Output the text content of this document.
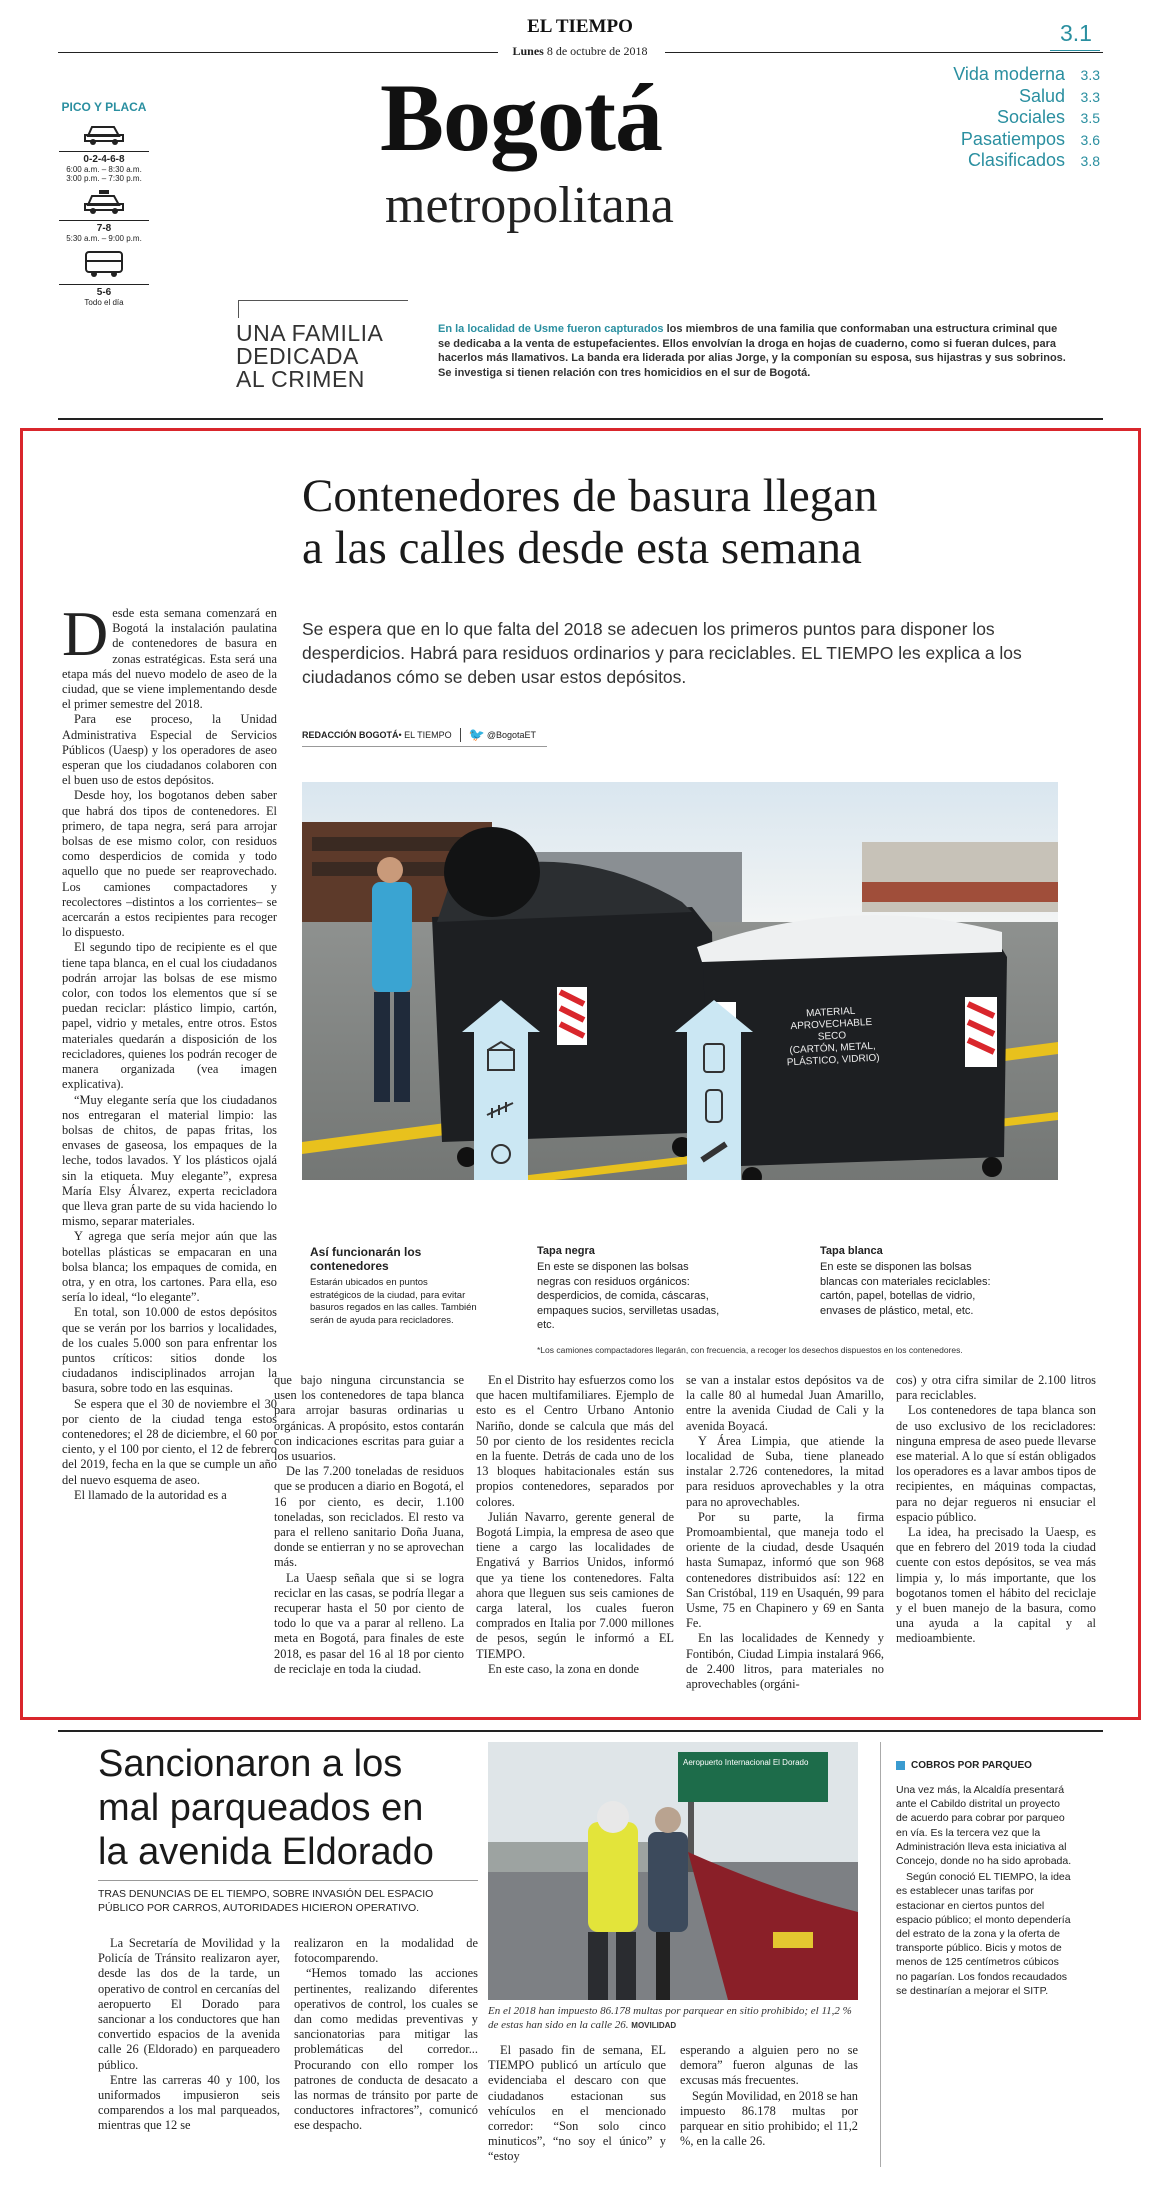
EL TIEMPO
Lunes 8 de octubre de 2018
3.1
Bogotá
metropolitana
Vida moderna 3.3
Salud 3.3
Sociales 3.5
Pasatiempos 3.6
Clasificados 3.8
PICO Y PLACA
0-2-4-6-8
6:00 a.m. – 8:30 a.m.
3:00 p.m. – 7:30 p.m.
7-8
5:30 a.m. – 9:00 p.m.
5-6
Todo el día
UNA FAMILIA
DEDICADA
AL CRIMEN
En la localidad de Usme fueron capturados los miembros de una familia que conformaban una estructura criminal que se dedicaba a la venta de estupefacientes. Ellos envolvían la droga en hojas de cuaderno, como si fueran dulces, para hacerlos más llamativos. La banda era liderada por alias Jorge, y la componían su esposa, sus hijastras y sus sobrinos. Se investiga si tienen relación con tres homicidios en el sur de Bogotá.
Contenedores de basura llegan
a las calles desde esta semana
Se espera que en lo que falta del 2018 se adecuen los primeros puntos para disponer los desperdicios. Habrá para residuos ordinarios y para reciclables. EL TIEMPO les explica a los ciudadanos cómo se deben usar estos depósitos.
REDACCIÓN BOGOTÁ • EL TIEMPO 🐦 @BogotaET
D esde esta semana comenzará en Bogotá la instalación paulatina de contenedores de basura en zonas estratégicas. Esta será una etapa más del nuevo modelo de aseo de la ciudad, que se viene implementando desde el primer semestre del 2018.

Para ese proceso, la Unidad Administrativa Especial de Servicios Públicos (Uaesp) y los operadores de aseo esperan que los ciudadanos colaboren con el buen uso de estos depósitos.

Desde hoy, los bogotanos deben saber que habrá dos tipos de contenedores. El primero, de tapa negra, será para arrojar bolsas de ese mismo color, con residuos como desperdicios de comida y todo aquello que no puede ser reaprovechado. Los camiones compactadores y recolectores –distintos a los corrientes– se acercarán a estos recipientes para recoger lo dispuesto.

El segundo tipo de recipiente es el que tiene tapa blanca, en el cual los ciudadanos podrán arrojar las bolsas de ese mismo color, con todos los elementos que sí se puedan reciclar: plástico limpio, cartón, papel, vidrio y metales, entre otros. Estos materiales quedarán a disposición de los recicladores, quienes los podrán recoger de manera organizada (vea imagen explicativa).

“Muy elegante sería que los ciudadanos nos entregaran el material limpio: las bolsas de chitos, de papas fritas, los envases de gaseosa, los empaques de la leche, todos lavados. Y los plásticos ojalá sin la etiqueta. Muy elegante”, expresa María Elsy Álvarez, experta recicladora que lleva gran parte de su vida haciendo lo mismo, separar materiales.

Y agrega que sería mejor aún que las botellas plásticas se empacaran en una bolsa blanca; los empaques de comida, en otra, y en otra, los cartones. Para ella, eso sería lo ideal, “lo elegante”.

En total, son 10.000 de estos depósitos que se verán por los barrios y localidades, de los cuales 5.000 son para enfrentar los puntos críticos: sitios donde los ciudadanos indisciplinados arrojan la basura, sobre todo en las esquinas.

Se espera que el 30 de noviembre el 30 por ciento de la ciudad tenga estos contenedores; el 28 de diciembre, el 60 por ciento, y el 100 por ciento, el 12 de febrero del 2019, fecha en la que se cumple un año del nuevo esquema de aseo.

El llamado de la autoridad es a

MATERIAL
APROVECHABLE
SECO
(CARTÓN, METAL,
PLÁSTICO, VIDRIO)
Así funcionarán los contenedores
Estarán ubicados en puntos estratégicos de la ciudad, para evitar basuros regados en las calles. También serán de ayuda para recicladores.
Tapa negra
En este se disponen las bolsas negras con residuos orgánicos: desperdicios, de comida, cáscaras, empaques sucios, servilletas usadas, etc.
Tapa blanca
En este se disponen las bolsas blancas con materiales reciclables: cartón, papel, botellas de vidrio, envases de plástico, metal, etc.
*Los camiones compactadores llegarán, con frecuencia, a recoger los desechos dispuestos en los contenedores.

que bajo ninguna circunstancia se usen los contenedores de tapa blanca para arrojar basuras ordinarias u orgánicas. A propósito, estos contarán con indicaciones escritas para guiar a los usuarios.

De las 7.200 toneladas de residuos que se producen a diario en Bogotá, el 16 por ciento, es decir, 1.100 toneladas, son reciclados. El resto va para el relleno sanitario Doña Juana, donde se entierran y no se aprovechan más.

La Uaesp señala que si se logra reciclar en las casas, se podría llegar a recuperar hasta el 50 por ciento de todo lo que va a parar al relleno. La meta en Bogotá, para finales de este 2018, es pasar del 16 al 18 por ciento de reciclaje en toda la ciudad.

En el Distrito hay esfuerzos como los que hacen multifamiliares. Ejemplo de esto es el Centro Urbano Antonio Nariño, donde se calcula que más del 50 por ciento de los residentes recicla en la fuente. Detrás de cada uno de los 13 bloques habitacionales están sus propios contenedores, separados por colores.

Julián Navarro, gerente general de Bogotá Limpia, la empresa de aseo que tiene a cargo las localidades de Engativá y Barrios Unidos, informó que ya tiene los contenedores. Falta ahora que lleguen sus seis camiones de carga lateral, los cuales fueron comprados en Italia por 7.000 millones de pesos, según le informó a EL TIEMPO.

En este caso, la zona en donde

se van a instalar estos depósitos va de la calle 80 al humedal Juan Amarillo, entre la avenida Ciudad de Cali y la avenida Boyacá.

Y Área Limpia, que atiende la localidad de Suba, tiene planeado instalar 2.726 contenedores, la mitad para residuos aprovechables y la otra para no aprovechables.

Por su parte, la firma Promoambiental, que maneja todo el oriente de la ciudad, desde Usaquén hasta Sumapaz, informó que son 968 contenedores distribuidos así: 122 en San Cristóbal, 119 en Usaquén, 99 para Usme, 75 en Chapinero y 69 en Santa Fe.

En las localidades de Kennedy y Fontibón, Ciudad Limpia instalará 966, de 2.400 litros, para materiales no aprovechables (orgáni-

cos) y otra cifra similar de 2.100 litros para reciclables.

Los contenedores de tapa blanca son de uso exclusivo de los recicladores: ninguna empresa de aseo puede llevarse ese material. A lo que sí están obligados los operadores es a lavar ambos tipos de recipientes, en máquinas compactas, para no dejar regueros ni ensuciar el espacio público.

La idea, ha precisado la Uaesp, es que en febrero del 2019 toda la ciudad cuente con estos depósitos, se vea más limpia y, lo más importante, que los bogotanos tomen el hábito del reciclaje y el buen manejo de la basura, como una ayuda a la capital y al medioambiente.

Sancionaron a los
mal parqueados en
la avenida Eldorado
TRAS DENUNCIAS DE EL TIEMPO, SOBRE INVASIÓN DEL ESPACIO PÚBLICO POR CARROS, AUTORIDADES HICIERON OPERATIVO.

La Secretaría de Movilidad y la Policía de Tránsito realizaron ayer, desde las dos de la tarde, un operativo de control en cercanías del aeropuerto El Dorado para sancionar a los conductores que han convertido espacios de la avenida calle 26 (Eldorado) en parqueadero público.

Entre las carreras 40 y 100, los uniformados impusieron seis comparendos a los mal parqueados, mientras que 12 se

realizaron en la modalidad de fotocomparendo.

“Hemos tomado las acciones pertinentes, realizando diferentes operativos de control, los cuales se dan como medidas preventivas y sancionatorias para mitigar las problemáticas del corredor... Procurando con ello romper los patrones de conducta de desacato a las normas de tránsito por parte de conductores infractores”, comunicó ese despacho.

Aeropuerto Internacional El Dorado
En el 2018 han impuesto 86.178 multas por parquear en sitio prohibido; el 11,2 % de estas han sido en la calle 26. MOVILIDAD

El pasado fin de semana, EL TIEMPO publicó un artículo que evidenciaba el descaro con que ciudadanos estacionan sus vehículos en el mencionado corredor: “Son solo cinco minuticos”, “no soy el único” y “estoy

esperando a alguien pero no se demora” fueron algunas de las excusas más frecuentes.

Según Movilidad, en 2018 se han impuesto 86.178 multas por parquear en sitio prohibido; el 11,2 %, en la calle 26.

COBROS POR PARQUEO

Una vez más, la Alcaldía presentará ante el Cabildo distrital un proyecto de acuerdo para cobrar por parqueo en vía. Es la tercera vez que la Administración lleva esta iniciativa al Concejo, donde no ha sido aprobada.

Según conoció EL TIEMPO, la idea es establecer unas tarifas por estacionar en ciertos puntos del espacio público; el monto dependería del estrato de la zona y la oferta de transporte público. Bicis y motos de menos de 125 centímetros cúbicos no pagarían. Los fondos recaudados se destinarían a mejorar el SITP.
